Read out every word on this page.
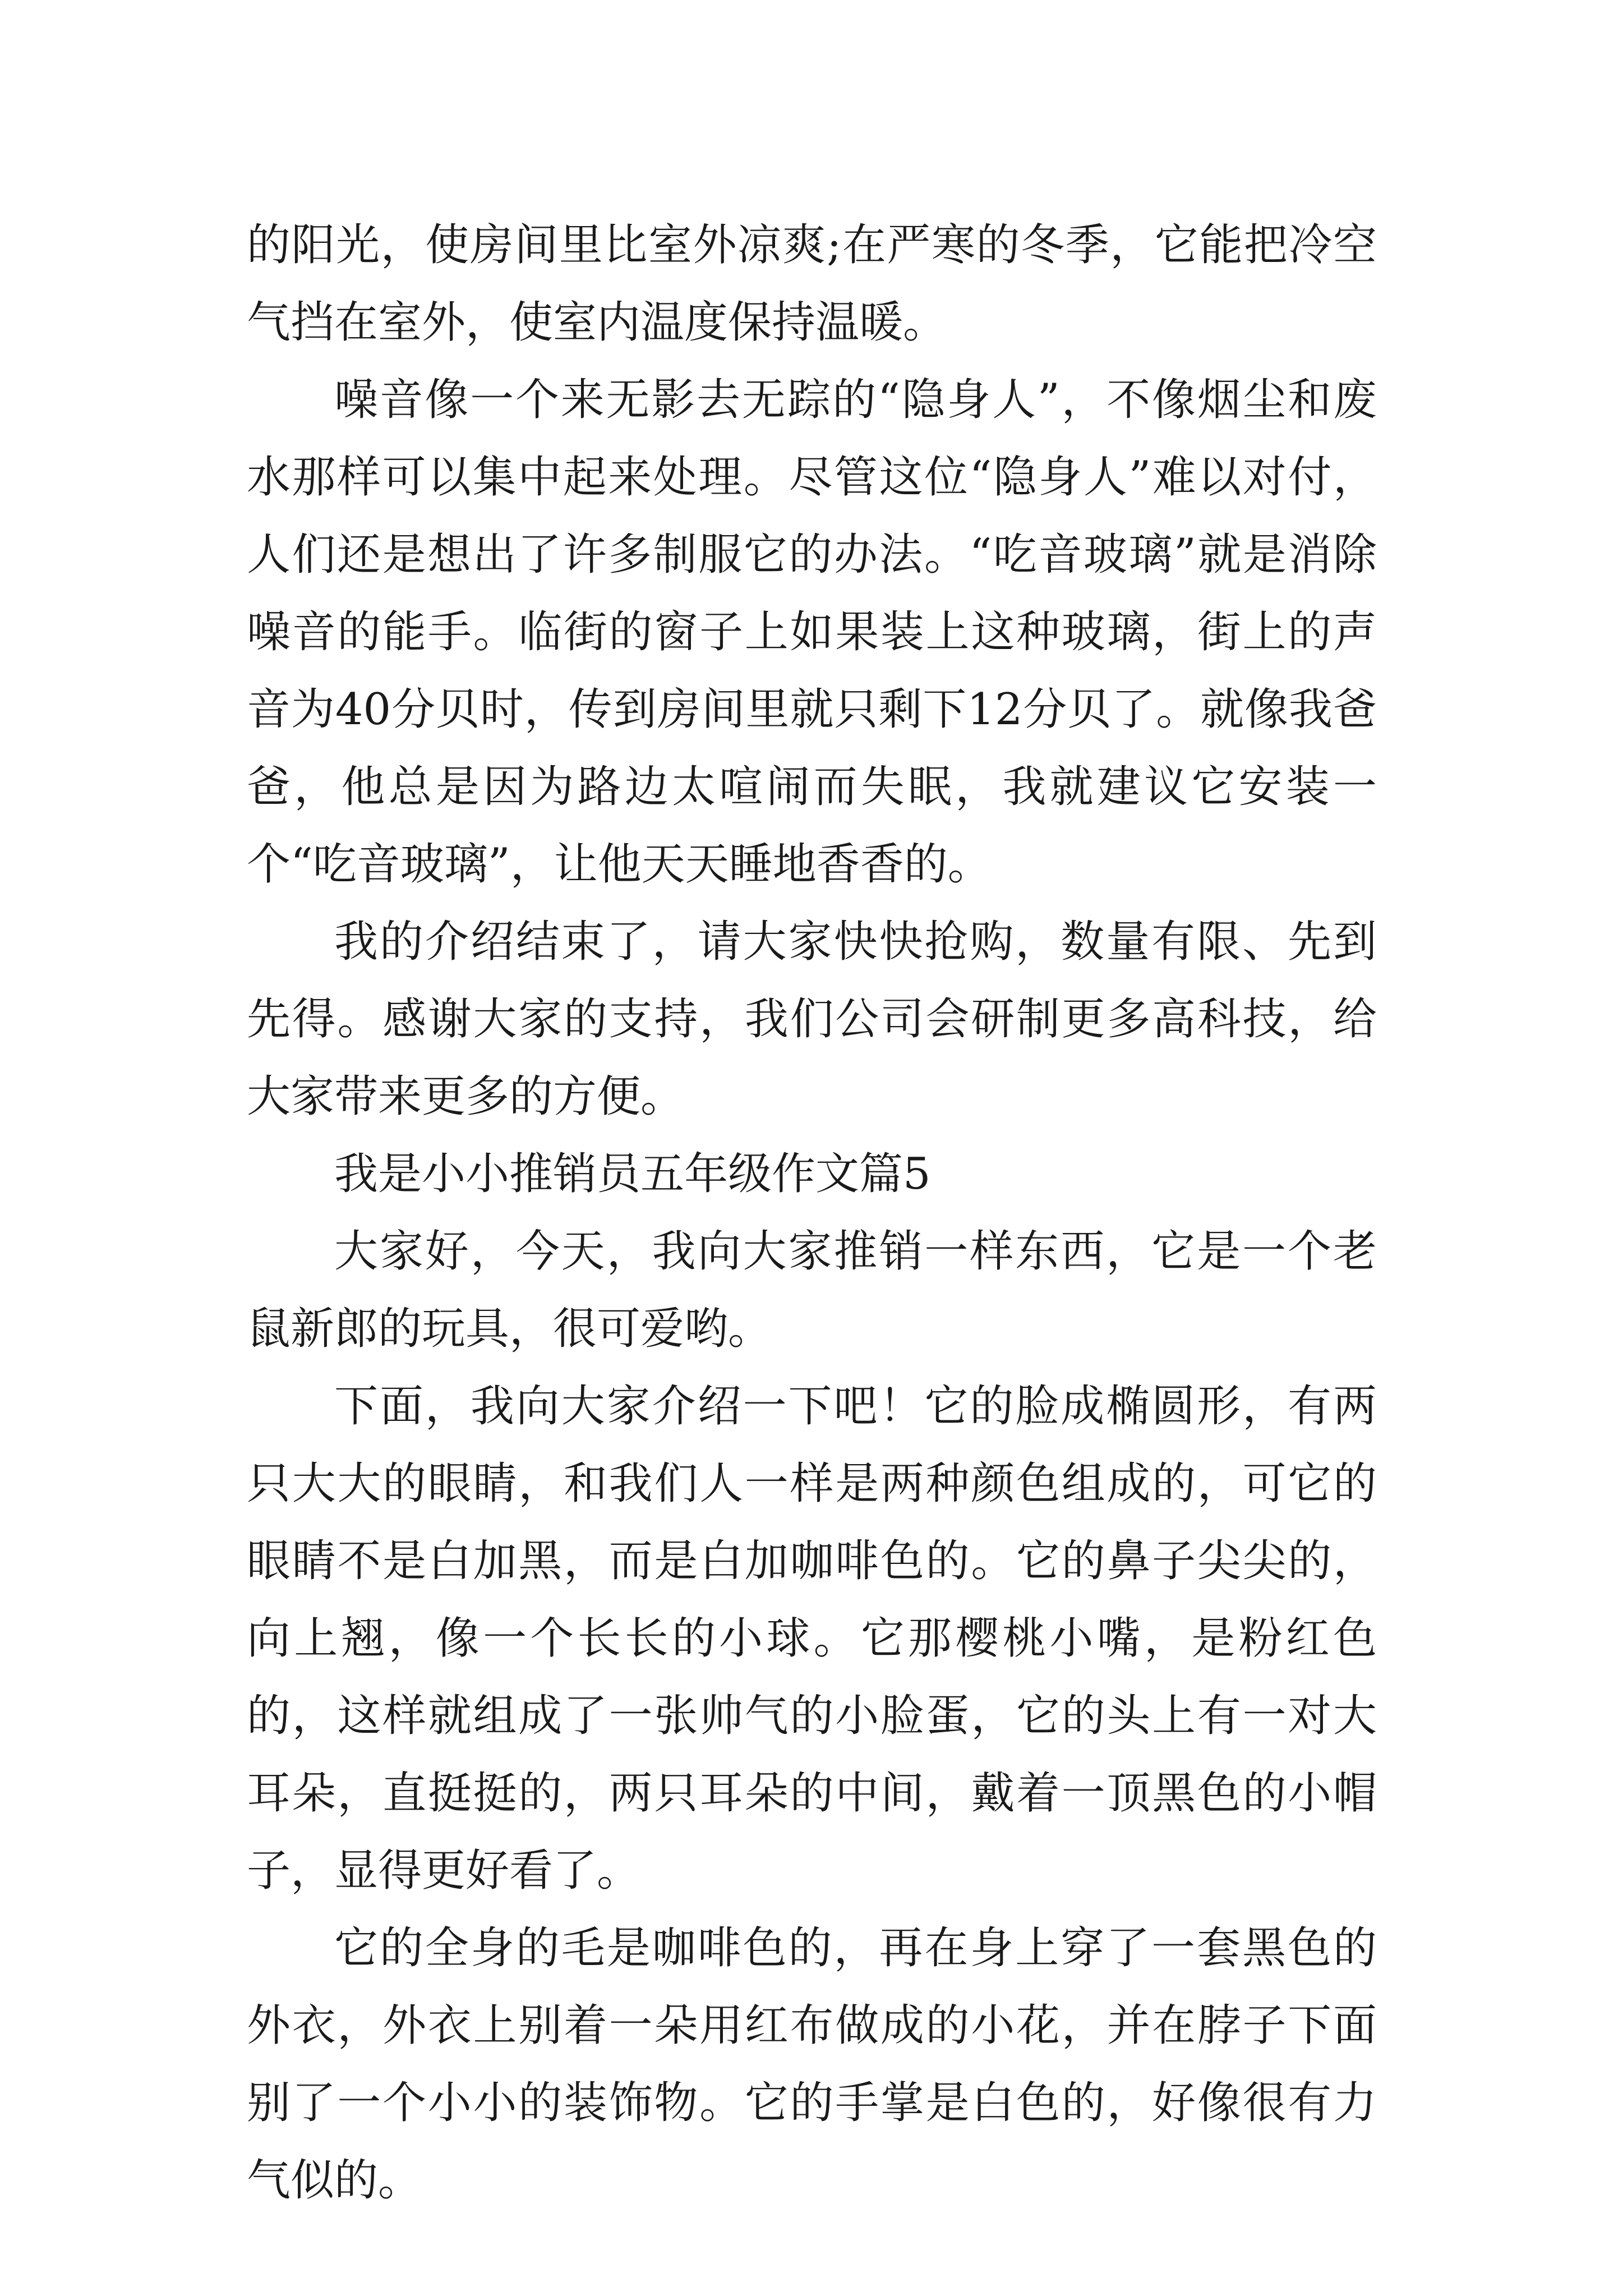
的阳光，使房间里比室外凉爽;在严寒的冬季，它能把冷空气挡在室外，使室内温度保持温暖。

噪音像一个来无影去无踪的“隐身人”，不像烟尘和废水那样可以集中起来处理。尽管这位“隐身人”难以对付，人们还是想出了许多制服它的办法。“吃音玻璃”就是消除噪音的能手。临街的窗子上如果装上这种玻璃，街上的声音为40分贝时，传到房间里就只剩下12分贝了。就像我爸爸，他总是因为路边太喧闹而失眠，我就建议它安装一个“吃音玻璃”，让他天天睡地香香的。

我的介绍结束了，请大家快快抢购，数量有限、先到先得。感谢大家的支持，我们公司会研制更多高科技，给大家带来更多的方便。

我是小小推销员五年级作文篇5

大家好，今天，我向大家推销一样东西，它是一个老鼠新郎的玩具，很可爱哟。

下面，我向大家介绍一下吧！它的脸成椭圆形，有两只大大的眼睛，和我们人一样是两种颜色组成的，可它的眼睛不是白加黑，而是白加咖啡色的。它的鼻子尖尖的，向上翘，像一个长长的小球。它那樱桃小嘴，是粉红色的，这样就组成了一张帅气的小脸蛋，它的头上有一对大耳朵，直挺挺的，两只耳朵的中间，戴着一顶黑色的小帽子，显得更好看了。

它的全身的毛是咖啡色的，再在身上穿了一套黑色的外衣，外衣上别着一朵用红布做成的小花，并在脖子下面别了一个小小的装饰物。它的手掌是白色的，好像很有力气似的。
